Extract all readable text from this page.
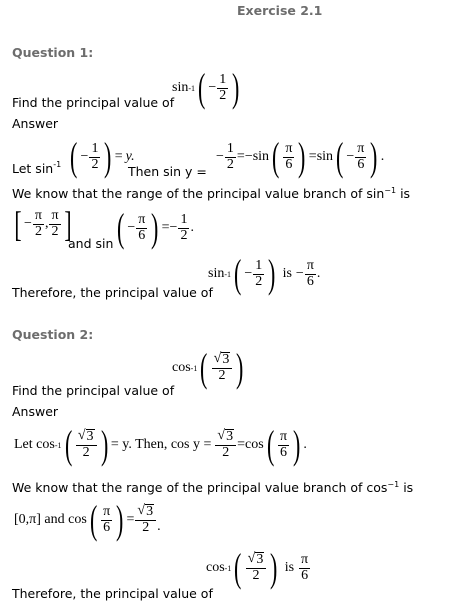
Exercise 2.1
Question 1:
sin -1 ( − $\frac{1}{2}$ )
Find the principal value of
Answer
Let $\sin^{-1}$ ( − $\frac{1}{2}$ ) = y.
Then sin y =
− $\frac{1}{2}$ = − sin ( $\frac{\pi}{6}$ ) = sin ( − $\frac{\pi}{6}$ ) .
We know that the range of the principal value branch of $\sin^{-1}$ is
[ − $\frac{\pi}{2}$ , $\frac{\pi}{2}$ ]
and sin ( − $\frac{\pi}{6}$ ) = − $\frac{1}{2}$ .
sin -1 ( − $\frac{1}{2}$ ) is − $\frac{\pi}{6}$ .
Therefore, the principal value of
Question 2:
cos -1 ( $\frac{√ 3}{2}$ )
Find the principal value of
Answer
Let cos -1 ( $\frac{√ 3}{2}$ ) = y. Then, $\cos y = \frac{√ 3}{2} = \cos$ ( $\frac{\pi}{6}$ ) .
We know that the range of the principal value branch of $\cos^{-1}$ is
[0,π] and cos ( $\frac{\pi}{6}$ ) = $\frac{√ 3}{2}$ .
cos -1 ( $\frac{√ 3}{2}$ ) is $\frac{\pi}{6}$
Therefore, the principal value of
